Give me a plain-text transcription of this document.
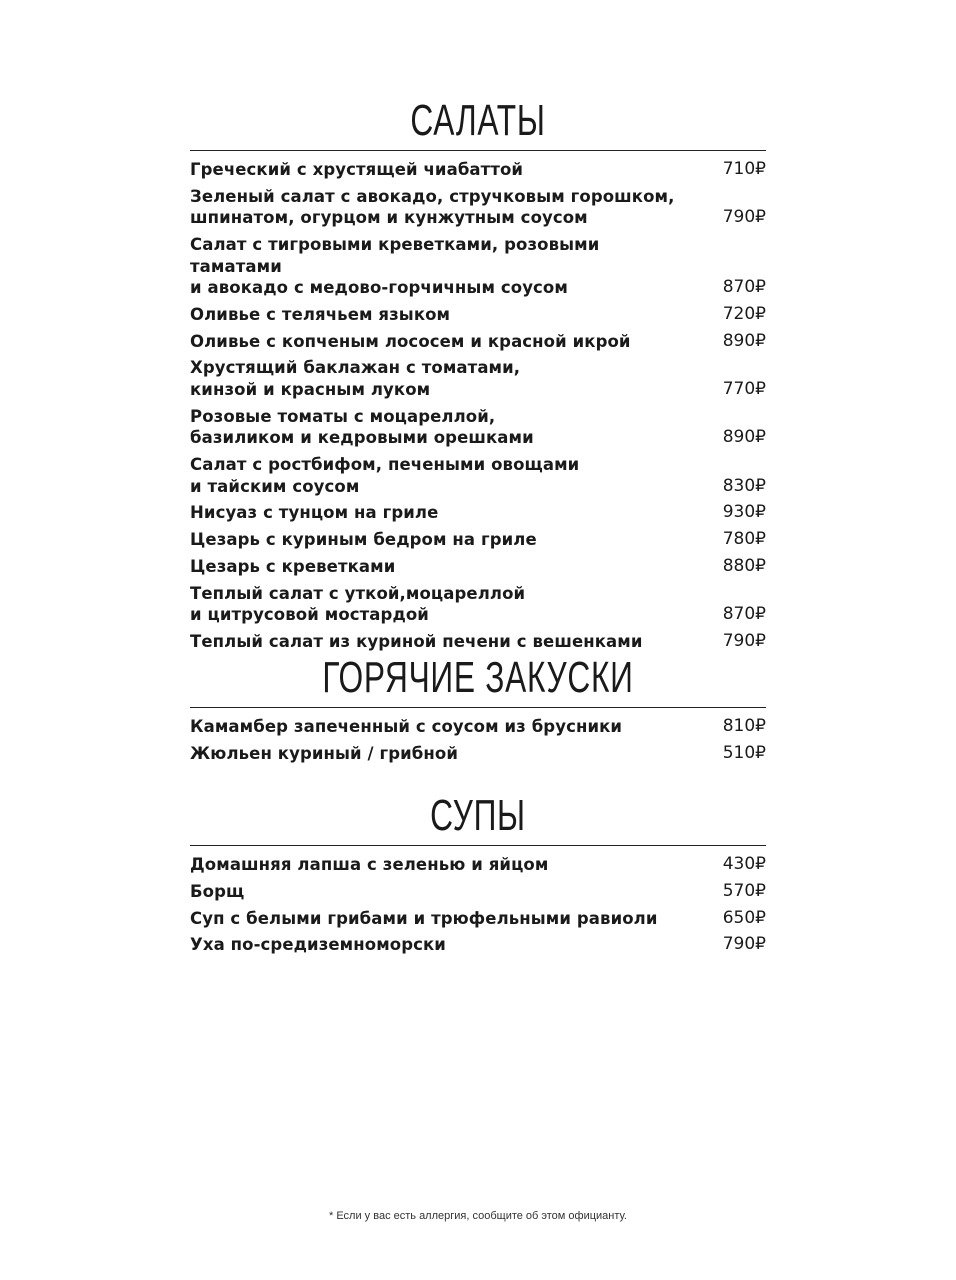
САЛАТЫ
Греческий с хрустящей чиабаттой	710₽
Зеленый салат с авокадо, стручковым горошком,
шпинатом, огурцом и кунжутным соусом	790₽
Салат с тигровыми креветками, розовыми таматами
и авокадо с медово-горчичным соусом	870₽
Оливье с телячьем языком	720₽
Оливье с копченым лососем и красной икрой	890₽
Хрустящий баклажан с томатами,
кинзой и красным луком	770₽
Розовые томаты с моцареллой,
базиликом и кедровыми орешками	890₽
Салат с ростбифом, печеными овощами
и тайским соусом	830₽
Нисуаз с тунцом на гриле	930₽
Цезарь с куриным бедром на гриле	780₽
Цезарь с креветками	880₽
Теплый салат с уткой,моцареллой
и цитрусовой мостардой	870₽
Теплый салат из куриной печени с вешенками	790₽
ГОРЯЧИЕ ЗАКУСКИ
Камамбер запеченный с соусом из брусники	810₽
Жюльен куриный / грибной	510₽
СУПЫ
Домашняя лапша с зеленью и яйцом	430₽
Борщ	570₽
Суп с белыми грибами и трюфельными равиоли	650₽
Уха по-средиземноморски	790₽
* Если у вас есть аллергия, сообщите об этом официанту.
